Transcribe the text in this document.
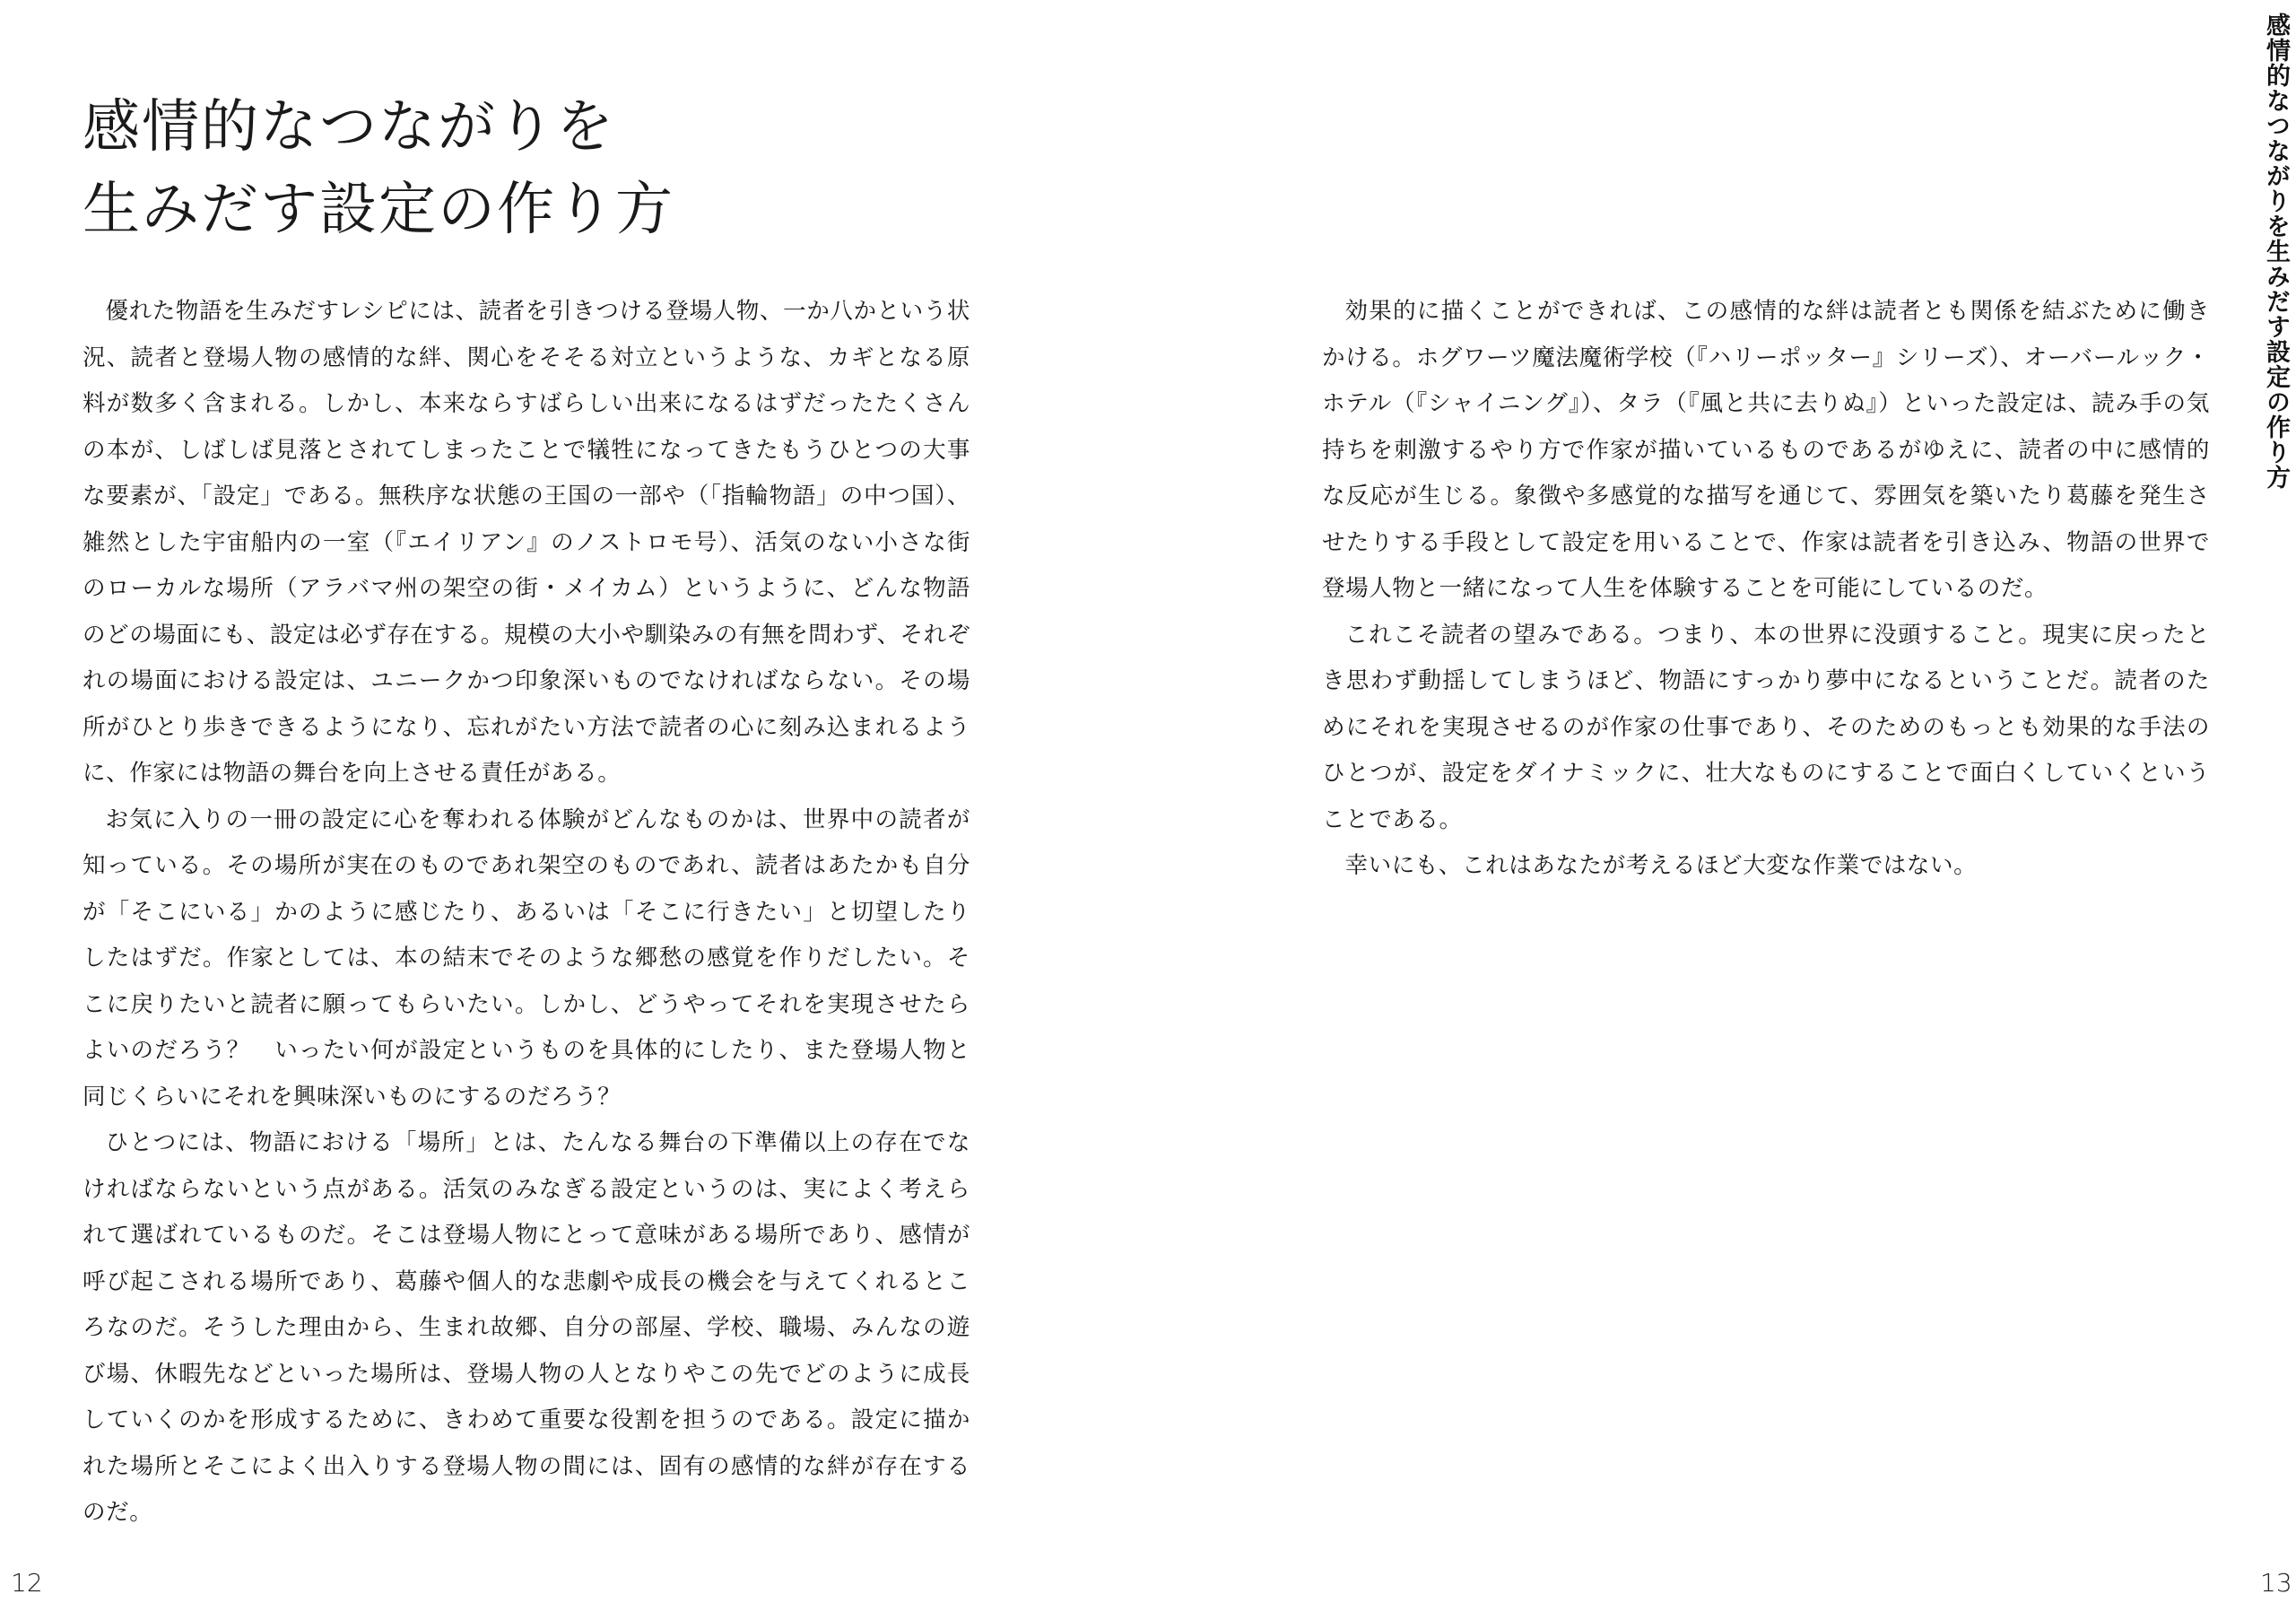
感情的なつながりを
生みだす設定の作り方

優れた物語を生みだすレシピには、読者を引きつける登場人物、一か八かという状況、読者と登場人物の感情的な絆、関心をそそる対立というような、カギとなる原料が数多く含まれる。しかし、本来ならすばらしい出来になるはずだったたくさんの本が、しばしば見落とされてしまったことで犠牲になってきたもうひとつの大事な要素が、「設定」である。無秩序な状態の王国の一部や（「指輪物語」の中つ国）、雑然とした宇宙船内の一室（『エイリアン』のノストロモ号）、活気のない小さな街のローカルな場所（アラバマ州の架空の街・メイカム）というように、どんな物語のどの場面にも、設定は必ず存在する。規模の大小や馴染みの有無を問わず、それぞれの場面における設定は、ユニークかつ印象深いものでなければならない。その場所がひとり歩きできるようになり、忘れがたい方法で読者の心に刻み込まれるように、作家には物語の舞台を向上させる責任がある。

お気に入りの一冊の設定に心を奪われる体験がどんなものかは、世界中の読者が知っている。その場所が実在のものであれ架空のものであれ、読者はあたかも自分が「そこにいる」かのように感じたり、あるいは「そこに行きたい」と切望したりしたはずだ。作家としては、本の結末でそのような郷愁の感覚を作りだしたい。そこに戻りたいと読者に願ってもらいたい。しかし、どうやってそれを実現させたらよいのだろう？　いったい何が設定というものを具体的にしたり、また登場人物と同じくらいにそれを興味深いものにするのだろう？

ひとつには、物語における「場所」とは、たんなる舞台の下準備以上の存在でなければならないという点がある。活気のみなぎる設定というのは、実によく考えられて選ばれているものだ。そこは登場人物にとって意味がある場所であり、感情が呼び起こされる場所であり、葛藤や個人的な悲劇や成長の機会を与えてくれるところなのだ。そうした理由から、生まれ故郷、自分の部屋、学校、職場、みんなの遊び場、休暇先などといった場所は、登場人物の人となりやこの先でどのように成長していくのかを形成するために、きわめて重要な役割を担うのである。設定に描かれた場所とそこによく出入りする登場人物の間には、固有の感情的な絆が存在するのだ。

12

効果的に描くことができれば、この感情的な絆は読者とも関係を結ぶために働きかける。ホグワーツ魔法魔術学校（『ハリーポッター』シリーズ）、オーバールック・ホテル（『シャイニング』）、タラ（『風と共に去りぬ』）といった設定は、読み手の気持ちを刺激するやり方で作家が描いているものであるがゆえに、読者の中に感情的な反応が生じる。象徴や多感覚的な描写を通じて、雰囲気を築いたり葛藤を発生させたりする手段として設定を用いることで、作家は読者を引き込み、物語の世界で登場人物と一緒になって人生を体験することを可能にしているのだ。

これこそ読者の望みである。つまり、本の世界に没頭すること。現実に戻ったとき思わず動揺してしまうほど、物語にすっかり夢中になるということだ。読者のためにそれを実現させるのが作家の仕事であり、そのためのもっとも効果的な手法のひとつが、設定をダイナミックに、壮大なものにすることで面白くしていくということである。

幸いにも、これはあなたが考えるほど大変な作業ではない。

感情的なつながりを生みだす設定の作り方
13
